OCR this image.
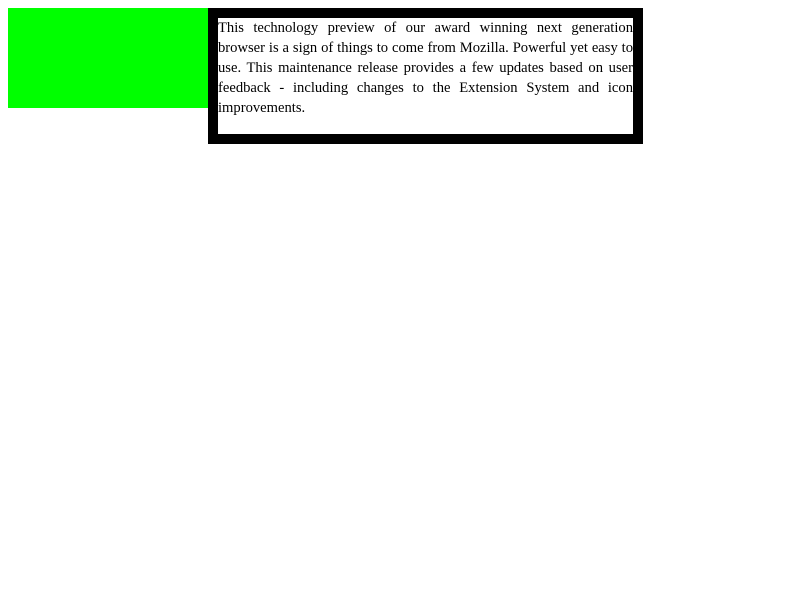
This technology preview of our award winning next generation browser is a sign of things to come from Mozilla. Powerful yet easy to use. This maintenance release provides a few updates based on user feedback - including changes to the Extension System and icon improvements.
